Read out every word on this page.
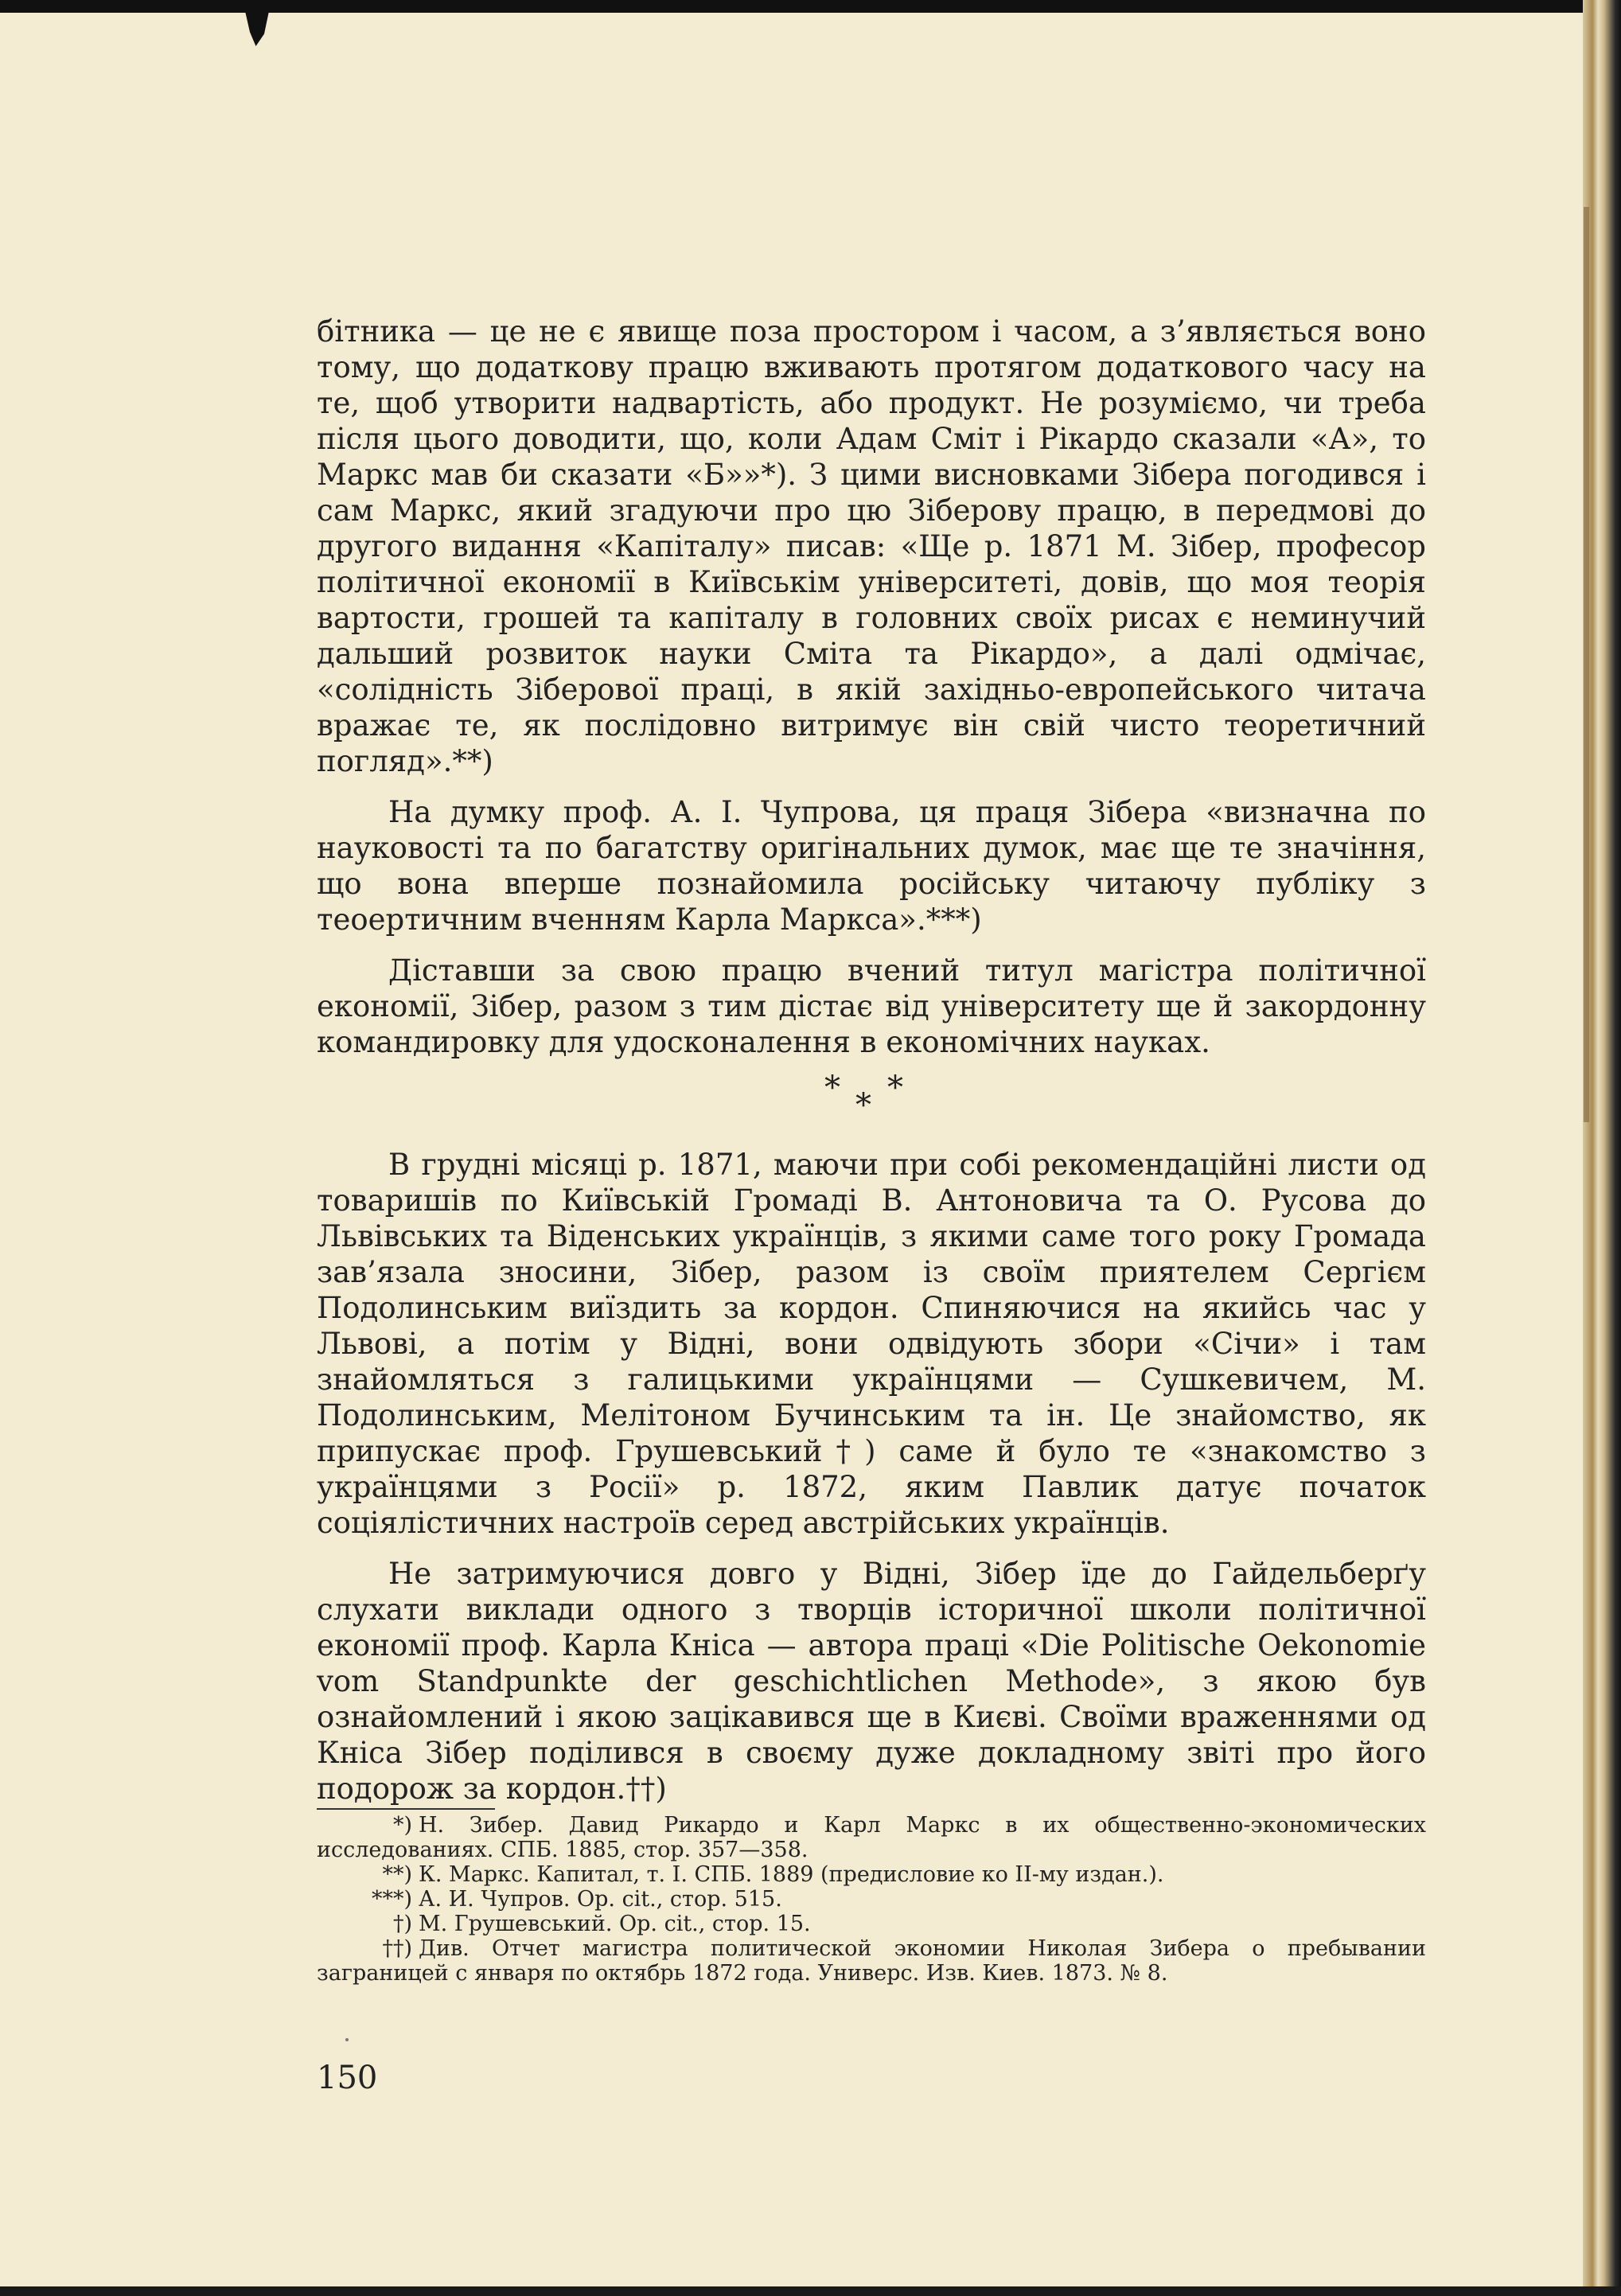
бітника — це не є явище поза простором і часом, а з’являється воно тому, що додаткову працю вживають протягом додаткового часу на те, щоб утворити надвартість, або продукт. Не розуміємо, чи треба після цього доводити, що, коли Адам Сміт і Рікардо сказали «А», то Маркс мав би сказати «Б»»*). З цими висновками Зібера погодився і сам Маркс, який згадуючи про цю Зіберову працю, в передмові до другого видання «Капіталу» писав: «Ще р. 1871 М. Зібер, професор політичної економії в Київськім університеті, довів, що моя теорія вартости, грошей та капіталу в головних своїх рисах є неминучий дальший розвиток науки Сміта та Рікардо», а далі одмічає, «солідність Зіберової праці, в якій західньо-европейського читача вражає те, як послідовно витримує він свій чисто теоретичний погляд».**)

На думку проф. А. І. Чупрова, ця праця Зібера «визначна по науковості та по багатству оригінальних думок, має ще те значіння, що вона вперше познайомила російську читаючу публіку з теоертичним вченням Карла Маркса».***)

Діставши за свою працю вчений титул магістра політичної економії, Зібер, разом з тим дістає від університету ще й закордонну командировку для удосконалення в економічних науках.

* * *

В грудні місяці р. 1871, маючи при собі рекомендаційні листи од товаришів по Київській Громаді В. Антоновича та О. Русова до Львівських та Віденських українців, з якими саме того року Громада зав’язала зносини, Зібер, разом із своїм приятелем Сергієм Подолинським виїздить за кордон. Спиняючися на якийсь час у Львові, а потім у Відні, вони одвідують збори «Січи» і там знайомляться з галицькими українцями — Сушкевичем, М. Подолинським, Мелітоном Бучинським та ін. Це знайомство, як припускає проф. Грушевський†) саме й було те «знакомство з українцями з Росії» р. 1872, яким Павлик датує початок соціялістичних настроїв серед австрійських українців.

Не затримуючися довго у Відні, Зібер їде до Гайдельберґу слухати виклади одного з творців історичної школи політичної економії проф. Карла Кніса — автора праці «Die Politische Oekonomie vom Standpunkte der geschichtlichen Methode», з якою був ознайомлений і якою зацікавився ще в Києві. Своїми враженнями од Кніса Зібер поділився в своєму дуже докладному звіті про його подорож за кордон.††)

*) Н. Зибер. Давид Рикардо и Карл Маркс в их общественно-экономических исследованиях. СПБ. 1885, стор. 357—358.

**) К. Маркс. Капитал, т. I. СПБ. 1889 (предисловие ко II-му издан.).

***) А. И. Чупров. Op. cit., стор. 515.

†) М. Грушевський. Op. cit., стор. 15.

††) Див. Отчет магистра политической экономии Николая Зибера о пребывании заграницей с января по октябрь 1872 года. Универс. Изв. Киев. 1873. № 8.

150
